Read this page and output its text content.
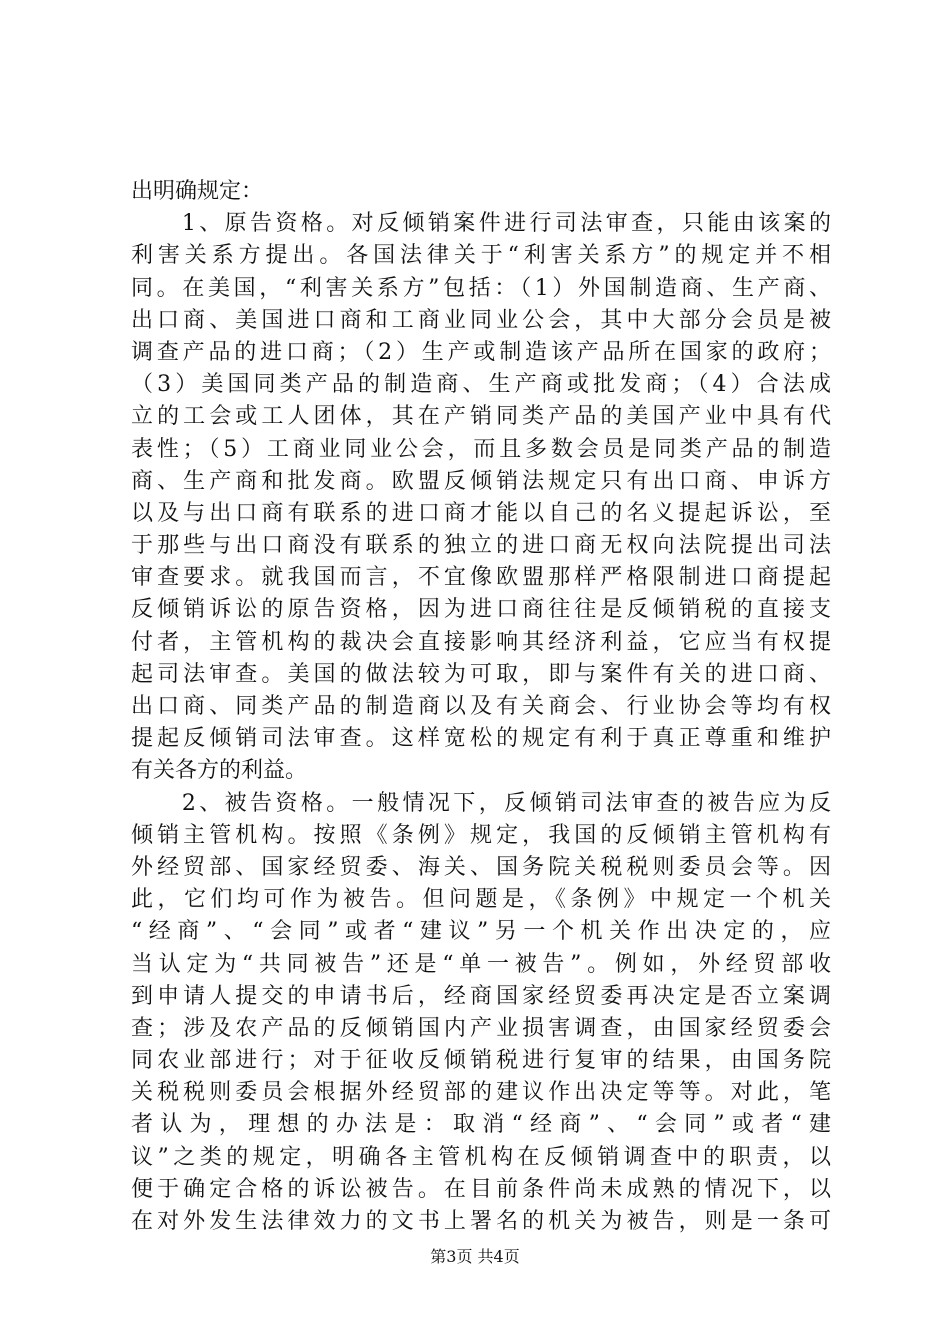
出明确规定：
　　1、原告资格。对反倾销案件进行司法审查，只能由该案的
利害关系方提出。各国法律关于“利害关系方”的规定并不相
同。在美国，“利害关系方”包括：（1）外国制造商、生产商、
出口商、美国进口商和工商业同业公会，其中大部分会员是被
调查产品的进口商；（2）生产或制造该产品所在国家的政府；
（3）美国同类产品的制造商、生产商或批发商；（4）合法成
立的工会或工人团体，其在产销同类产品的美国产业中具有代
表性；（5）工商业同业公会，而且多数会员是同类产品的制造
商、生产商和批发商。欧盟反倾销法规定只有出口商、申诉方
以及与出口商有联系的进口商才能以自己的名义提起诉讼，至
于那些与出口商没有联系的独立的进口商无权向法院提出司法
审查要求。就我国而言，不宜像欧盟那样严格限制进口商提起
反倾销诉讼的原告资格，因为进口商往往是反倾销税的直接支
付者，主管机构的裁决会直接影响其经济利益，它应当有权提
起司法审查。美国的做法较为可取，即与案件有关的进口商、
出口商、同类产品的制造商以及有关商会、行业协会等均有权
提起反倾销司法审查。这样宽松的规定有利于真正尊重和维护
有关各方的利益。
　　2、被告资格。一般情况下，反倾销司法审查的被告应为反
倾销主管机构。按照《条例》规定，我国的反倾销主管机构有
外经贸部、国家经贸委、海关、国务院关税税则委员会等。因
此，它们均可作为被告。但问题是，《条例》中规定一个机关
“经商”、“会同”或者“建议”另一个机关作出决定的，应
当认定为“共同被告”还是“单一被告”。例如，外经贸部收
到申请人提交的申请书后，经商国家经贸委再决定是否立案调
查；涉及农产品的反倾销国内产业损害调查，由国家经贸委会
同农业部进行；对于征收反倾销税进行复审的结果，由国务院
关税税则委员会根据外经贸部的建议作出决定等等。对此，笔
者认为，理想的办法是：取消“经商”、“会同”或者“建
议”之类的规定，明确各主管机构在反倾销调查中的职责，以
便于确定合格的诉讼被告。在目前条件尚未成熟的情况下，以
在对外发生法律效力的文书上署名的机关为被告，则是一条可
第3页 共4页
